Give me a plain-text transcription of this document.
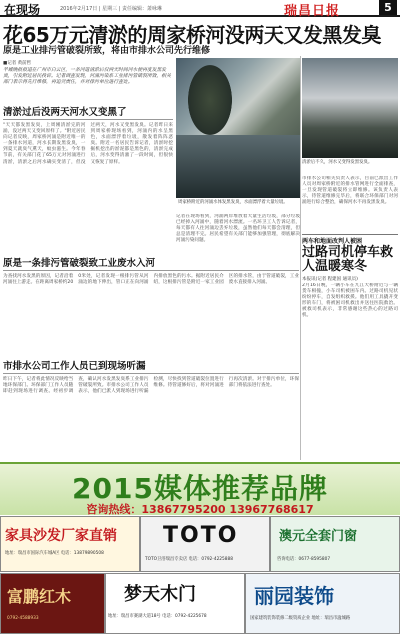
在现场	2016年2月17日 | 星期三 | 责任编辑：萧咏琳	瑞昌日报	5
花65万元清淤的周家桥河没两天又发黑发臭
原是工业排污管破裂所致，将由市排水公司先行维修
■记者 黄前哲
羊城晚报报道在广州市白云区，一条河道清淤后仅两天时间河水便再度发黑发臭，引发附近居民投诉。记者调查发现，河涌污染系工业排污管破裂所致，相关部门表示将先行维修，再追究责任，并对排污单位进行查处。
周家桥附近的河涌水体发黑发臭，水面漂浮着大量垃圾。
清淤后不久，河水又变得发黑发臭。
清淤过后没两天河水又变黑了
"天天都发黑发臭，上周刚清淤完的河涌，没过两天又变回原样了。"附近居民向记者反映，周家桥河涌是附近唯一的一条排水河道，河水长期发黑发臭，一到夏天就臭气熏天，蚊虫滋生。今年春节前，有关部门花了65万元对河涌进行清淤，清淤之后河水确实变清了，但没过两天，河水又变黑发臭。记者昨日来到周家桥现场看到，河涌内的水呈黑色，水面漂浮着垃圾，散发着阵阵恶臭。附近一名居民告诉记者，清淤时挖掘机挖出的淤泥都是黑色的，清淤完成后，河水变得清澈了一段时间，但很快又恢复了原样。
原是一条排污管破裂致工业废水入河
为查找河水发黑的原因，记者沿着河涌往上游走。在距离周家桥约200米处，记者发现一根排污管从河涌边的地下伸出，管口正在向河涌内排放黑色的污水。据附近居民介绍，这根排污管是附近一家工业园区的排水管，由于管道破裂，工业废水直接排入河涌。
市排水公司工作人员已到现场听漏
昨日下午，记者将此情况反映给当地环保部门。环保部门工作人员随即赶到现场进行调查。经初步调查，确认河水发黑发臭系工业排污管破裂所致。市排水公司工作人员表示，他们已派人到现场进行听漏检测，尽快找到管道破裂位置进行维修。待管道修好后，将对河涌进行再次清淤。对于排污单位，环保部门将依法进行查处。
记者在现场看到，河涌两岸堆放着大量生活垃圾，部分垃圾已经掉入河涌中，随着河水漂流。一名环卫工人告诉记者，每天都有人往河涌边丢弃垃圾，虽然他们每天都会清理，但总是清理不完。居民希望有关部门能够加强管理，彻底解决河涌污染问题。
市排水公司相关负责人表示，目前已派出工作人员对周家桥附近的排水管网进行全面排查，一旦发现管道破裂将立即维修。该负责人表示，待管道维修完毕后，将联合环保部门对河涌进行综合整治，确保河水不再发黑发臭。
两车和地面改判人被困
过路司机停车救人温暖寒冬
本报讯(记者 程建国 通讯员)
2月16日晚，一辆小车在九江大桥附近与一辆货车相撞，小车司机被困车内。过路司机见状纷纷停车，自发组织救援。他们用工具撬开变形的车门，将被困司机救出并送往医院救治。被救司机表示，非常感谢这些热心的过路司机。
2015媒体推荐品牌
咨询热线：13867795200 13967768617
家具沙发厂家直销
地址：瑞昌市国际汽车城A区 电话：13879890508
TOTO
TOTO卫浴瑞昌专卖店 电话：0792-4225888
澳元全套门窗
咨询电话：0677-8595807
富鹏红木
0792-4588933
梦天木门
地址：瑞昌市赛湖大道18号 电话：0792-4225678
丽园装饰
国家建筑装饰装修二级资质企业 地址：瑞昌市湓城路
